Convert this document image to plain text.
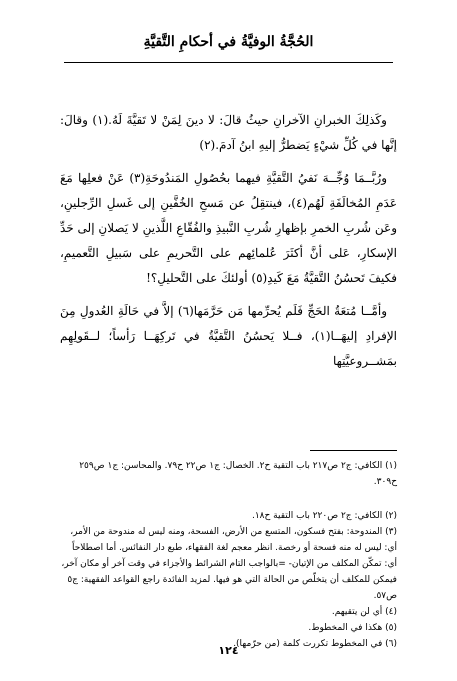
الحُجَّةُ الوفيَّةُ في أحكامِ التَّقيَّةِ

وكَذلِكَ الخبرانِ الآخرانِ حيثُ قالَ: لا دينَ لِمَنْ لا تَقيَّةَ لَهُ.(١) وقالَ: إنَّها في كُلِّ شيْءٍ يَضطرُّ إليهِ ابنُ آدمَ.(٢)

ورُبَّــمَا وُجِّــهَ نَفيُ التَّقيَّةِ فيهما بحُصُولِ المَندُوحَةِ(٣) عَنْ فعلِها مَعَ عَدَمِ المُخالَفَةِ لَهُم(٤)، فينتقِلُ عن مَسحِ الخُفَّينِ إلى غَسلِ الرِّجلينِ، وعَن شُربِ الخمرِ بإظهارِ شُربِ النَّبيذِ والفُقّاعِ اللَّذينِ لا يَصلانِ إلى حَدِّ الإسكارِ، عَلى أنَّ أكثَرَ عُلمائِهم على التَّحريمِ على سَبيلِ التَّعميمِ، فكيفَ تَحسُنُ التَّقيَّةُ مَعَ كَيدِ(٥) أولئكَ على التَّحليلِ؟!

وأمَّــا مُتعَةُ الحَجِّ فَلَم يُحرِّمها مَن حَرَّمَها(٦) إلاَّ في حَالَةِ العُدولِ مِنَ الإفرادِ إليهَــا(١)، فــلا يَحسُنُ التَّقيَّةُ في تَركِهَــا رَأساً؛ لــقَولِهِم بمَشــروعيَّتِها

(١) الكافي: ج٢ ص٢١٧ باب التقية ح٢. الخصال: ج١ ص٢٢ ح٧٩. والمحاسن: ج١ ص٢٥٩ ح٣٠٩.

(٢) الكافي: ج٢ ص٢٢٠ باب التقية ح١٨.

(٣) المندوحة: بفتح فسكون، المتسع من الأرض، الفسحة، ومنه ليس له مندوحة من الأمر، أي: ليس له منه فسحة أو رخصة. انظر معجم لغة الفقهاء، طبع دار النفائس. أما اصطلاحاً أي: تمكّن المكلف من الإتيان- =بالواجب التام الشرائط والأجزاء في وقت آخر أو مكان آخر، فيمكن للمكلف أن يتخلّص من الحالة التي هو فيها. لمزيد الفائدة راجع القواعد الفقهية: ج٥ ص٥٧.

(٤) أي لن يتقيهم.

(٥) هكذا في المخطوط.

(٦) في المخطوط تكررت كلمة (من حرّمها).

١٢٤
